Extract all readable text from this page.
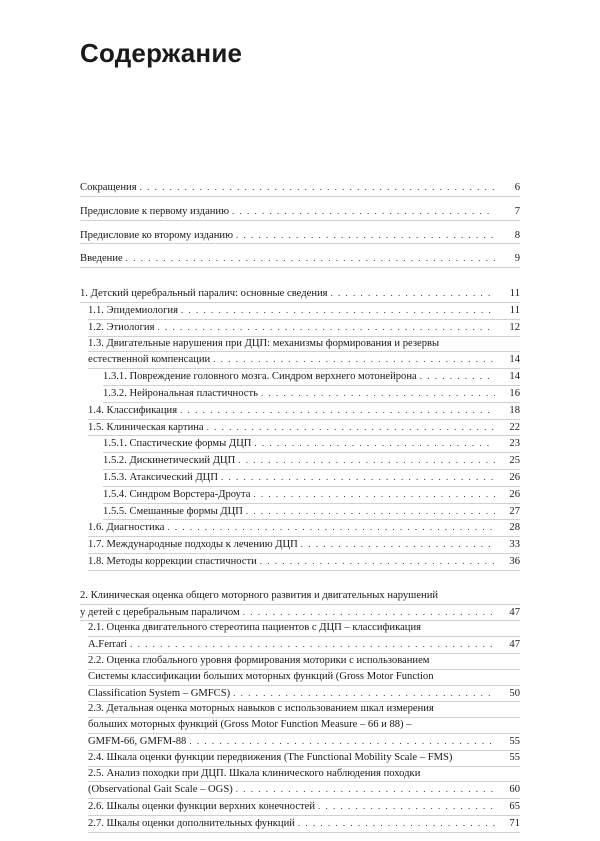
Содержание
Сокращения . . .	6
Предисловие к первому изданию . . .	7
Предисловие ко второму изданию . . .	8
Введение . . .	9
1. Детский церебральный паралич: основные сведения . . .	11
1.1. Эпидемиология . . .	11
1.2. Этиология . . .	12
1.3. Двигательные нарушения при ДЦП: механизмы формирования и резервы
естественной компенсации . . .	14
1.3.1. Повреждение головного мозга. Синдром верхнего мотонейрона . . .	14
1.3.2. Нейрональная пластичность . . .	16
1.4. Классификация . . .	18
1.5. Клиническая картина . . .	22
1.5.1. Спастические формы ДЦП . . .	23
1.5.2. Дискинетический ДЦП . . .	25
1.5.3. Атаксический ДЦП . . .	26
1.5.4. Синдром Ворстера-Дроута . . .	26
1.5.5. Смешанные формы ДЦП . . .	27
1.6. Диагностика . . .	28
1.7. Международные подходы к лечению ДЦП . . .	33
1.8. Методы коррекции спастичности . . .	36
2. Клиническая оценка общего моторного развития и двигательных нарушений
у детей с церебральным параличом . . .	47
2.1. Оценка двигательного стереотипа пациентов с ДЦП – классификация
A.Ferrari . . .	47
2.2. Оценка глобального уровня формирования моторики с использованием
Системы классификации больших моторных функций (Gross Motor Function
Classification System – GMFCS) . . .	50
2.3. Детальная оценка моторных навыков с использованием шкал измерения
больших моторных функций (Gross Motor Function Measure – 66 и 88) –
GMFM-66, GMFM-88 . . .	55
2.4. Шкала оценки функции передвижения (The Functional Mobility Scale – FMS)	55
2.5. Анализ походки при ДЦП. Шкала клинического наблюдения походки
(Observational Gait Scale – OGS) . . .	60
2.6. Шкалы оценки функции верхних конечностей . . .	65
2.7. Шкалы оценки дополнительных функций . . .	71
